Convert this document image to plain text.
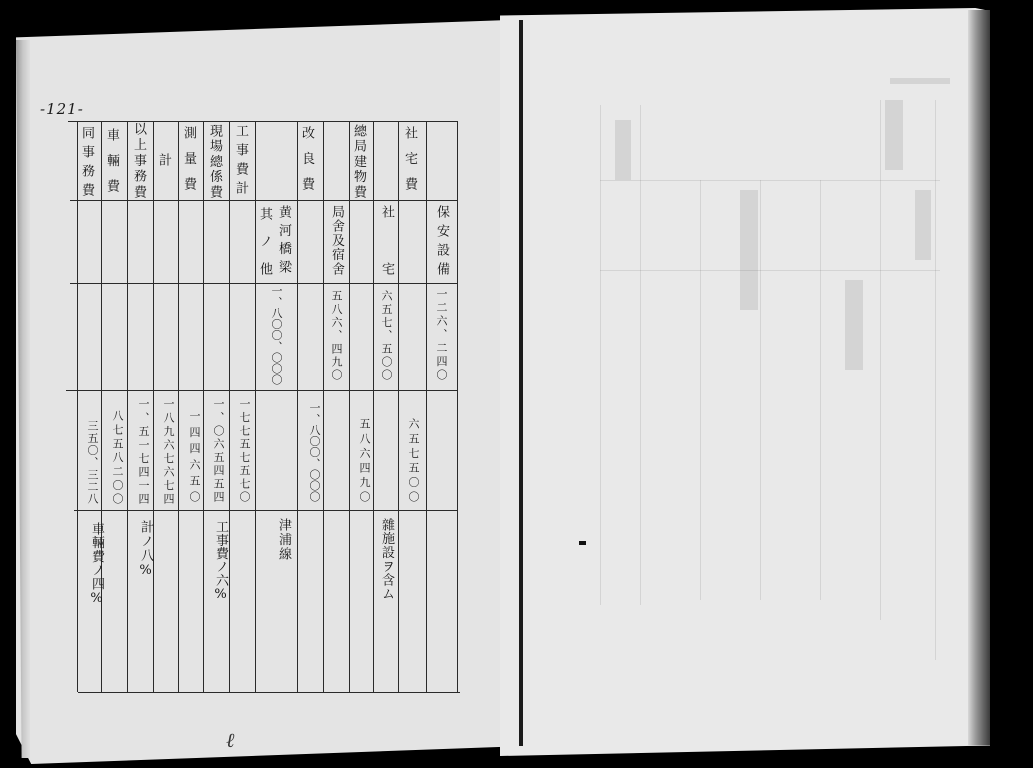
-121-
社宅費
總局建物費
改良費
工事費計
現場總係費
測量費
計
以上事務費
車輛費
同事務費
保安設備
社宅
局舍及宿舍
黄河橋梁
其ノ他
一二六、二四〇
六五七、五〇〇
五八六、四九〇
一、八〇〇、〇〇〇
六五七五〇〇
五八六四九〇
一、八〇〇、〇〇〇
一七七五七五七〇
一、〇六五四五四
一四四六五〇
一八九六七六七四
一、五一七四一四
八七五八二〇〇
三五〇、三二八
雜施設ヲ含ム
津浦線
工事費ノ六%
計ノ八%
車輛費ノ四%
ℓ
